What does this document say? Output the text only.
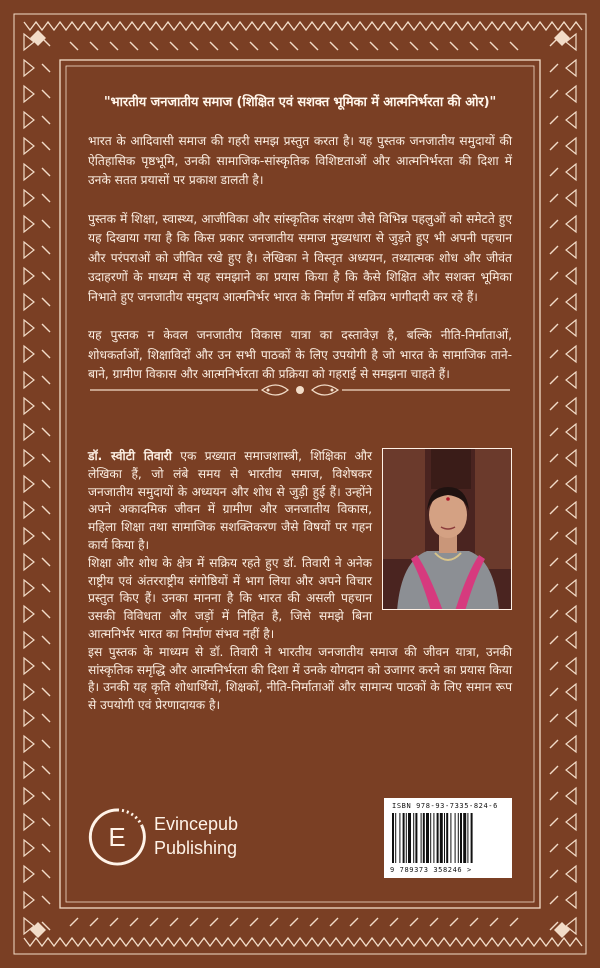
"भारतीय जनजातीय समाज (शिक्षित एवं सशक्त भूमिका में आत्मनिर्भरता की ओर)"

भारत के आदिवासी समाज की गहरी समझ प्रस्तुत करता है। यह पुस्तक जनजातीय समुदायों की ऐतिहासिक पृष्ठभूमि, उनकी सामाजिक-सांस्कृतिक विशिष्टताओं और आत्मनिर्भरता की दिशा में उनके सतत प्रयासों पर प्रकाश डालती है।

पुस्तक में शिक्षा, स्वास्थ्य, आजीविका और सांस्कृतिक संरक्षण जैसे विभिन्न पहलुओं को समेटते हुए यह दिखाया गया है कि किस प्रकार जनजातीय समाज मुख्यधारा से जुड़ते हुए भी अपनी पहचान और परंपराओं को जीवित रखे हुए है। लेखिका ने विस्तृत अध्ययन, तथ्यात्मक शोध और जीवंत उदाहरणों के माध्यम से यह समझाने का प्रयास किया है कि कैसे शिक्षित और सशक्त भूमिका निभाते हुए जनजातीय समुदाय आत्मनिर्भर भारत के निर्माण में सक्रिय भागीदारी कर रहे हैं।

यह पुस्तक न केवल जनजातीय विकास यात्रा का दस्तावेज़ है, बल्कि नीति-निर्माताओं, शोधकर्ताओं, शिक्षाविदों और उन सभी पाठकों के लिए उपयोगी है जो भारत के सामाजिक ताने-बाने, ग्रामीण विकास और आत्मनिर्भरता की प्रक्रिया को गहराई से समझना चाहते हैं।

डॉ. स्वीटी तिवारी एक प्रख्यात समाजशास्त्री, शिक्षिका और लेखिका हैं, जो लंबे समय से भारतीय समाज, विशेषकर जनजातीय समुदायों के अध्ययन और शोध से जुड़ी हुई हैं। उन्होंने अपने अकादमिक जीवन में ग्रामीण और जनजातीय विकास, महिला शिक्षा तथा सामाजिक सशक्तिकरण जैसे विषयों पर गहन कार्य किया है।
शिक्षा और शोध के क्षेत्र में सक्रिय रहते हुए डॉ. तिवारी ने अनेक राष्ट्रीय एवं अंतरराष्ट्रीय संगोष्ठियों में भाग लिया और अपने विचार प्रस्तुत किए हैं। उनका मानना है कि भारत की असली पहचान उसकी विविधता और जड़ों में निहित है, जिसे समझे बिना आत्मनिर्भर भारत का निर्माण संभव नहीं है।
इस पुस्तक के माध्यम से डॉ. तिवारी ने भारतीय जनजातीय समाज की जीवन यात्रा, उनकी सांस्कृतिक समृद्धि और आत्मनिर्भरता की दिशा में उनके योगदान को उजागर करने का प्रयास किया है। उनकी यह कृति शोधार्थियों, शिक्षकों, नीति-निर्माताओं और सामान्य पाठकों के लिए समान रूप से उपयोगी एवं प्रेरणादायक है।

E Evincepub
Publishing
ISBN 978-93-7335-824-6
9 789373 358246 >
